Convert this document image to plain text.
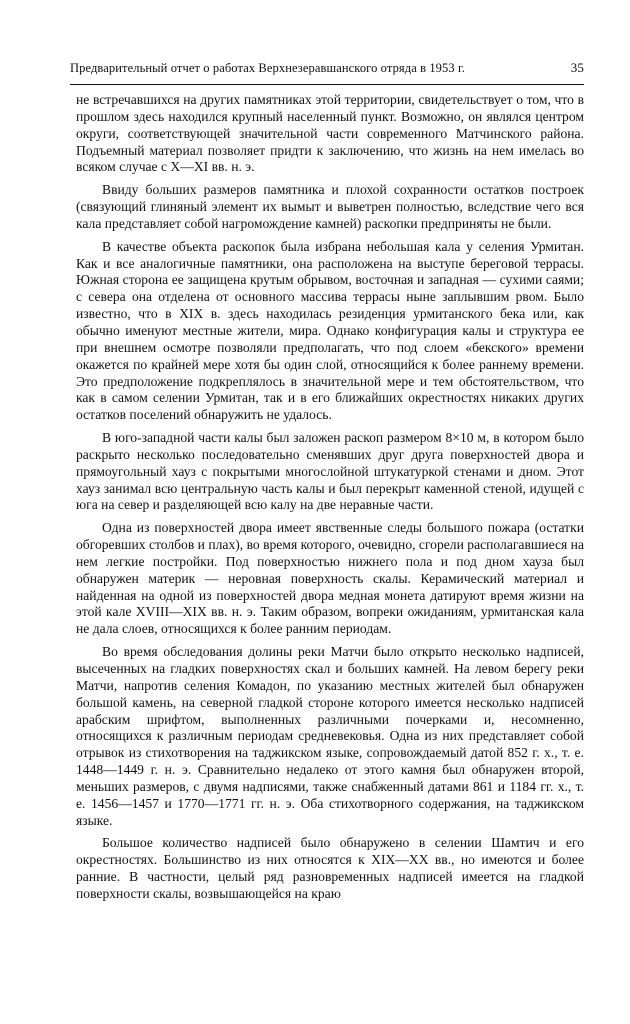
Предварительный отчет о работах Верхнезеравшанского отряда в 1953 г.	35

не встречавшихся на других памятниках этой территории, свидетельствует о том, что в прошлом здесь находился крупный населенный пункт. Возможно, он являлся центром округи, соответствующей значительной части современного Матчинского района. Подъемный материал позволяет придти к заключению, что жизнь на нем имелась во всяком случае с X—XI вв. н. э.

Ввиду больших размеров памятника и плохой сохранности остатков построек (связующий глиняный элемент их вымыт и выветрен полностью, вследствие чего вся кала представляет собой нагромождение камней) раскопки предприняты не были.

В качестве объекта раскопок была избрана небольшая кала у селения Урмитан. Как и все аналогичные памятники, она расположена на выступе береговой террасы. Южная сторона ее защищена крутым обрывом, восточная и западная — сухими саями; с севера она отделена от основного массива террасы ныне заплывшим рвом. Было известно, что в XIX в. здесь находилась резиденция урмитанского бека или, как обычно именуют местные жители, мира. Однако конфигурация калы и структура ее при внешнем осмотре позволяли предполагать, что под слоем «бекского» времени окажется по крайней мере хотя бы один слой, относящийся к более раннему времени. Это предположение подкреплялось в значительной мере и тем обстоятельством, что как в самом селении Урмитан, так и в его ближайших окрестностях никаких других остатков поселений обнаружить не удалось.

В юго-западной части калы был заложен раскоп размером 8×10 м, в котором было раскрыто несколько последовательно сменявших друг друга поверхностей двора и прямоугольный хауз с покрытыми многослойной штукатуркой стенами и дном. Этот хауз занимал всю центральную часть калы и был перекрыт каменной стеной, идущей с юга на север и разделяющей всю калу на две неравные части.

Одна из поверхностей двора имеет явственные следы большого пожара (остатки обгоревших столбов и плах), во время которого, очевидно, сгорели располагавшиеся на нем легкие постройки. Под поверхностью нижнего пола и под дном хауза был обнаружен материк — неровная поверхность скалы. Керамический материал и найденная на одной из поверхностей двора медная монета датируют время жизни на этой кале XVIII—XIX вв. н. э. Таким образом, вопреки ожиданиям, урмитанская кала не дала слоев, относящихся к более ранним периодам.

Во время обследования долины реки Матчи было открыто несколько надписей, высеченных на гладких поверхностях скал и больших камней. На левом берегу реки Матчи, напротив селения Комадон, по указанию местных жителей был обнаружен большой камень, на северной гладкой стороне которого имеется несколько надписей арабским шрифтом, выполненных различными почерками и, несомненно, относящихся к различным периодам средневековья. Одна из них представляет собой отрывок из стихотворения на таджикском языке, сопровождаемый датой 852 г. х., т. е. 1448—1449 г. н. э. Сравнительно недалеко от этого камня был обнаружен второй, меньших размеров, с двумя надписями, также снабженный датами 861 и 1184 гг. х., т. е. 1456—1457 и 1770—1771 гг. н. э. Оба стихотворного содержания, на таджикском языке.

Большое количество надписей было обнаружено в селении Шамтич и его окрестностях. Большинство из них относятся к XIX—XX вв., но имеются и более ранние. В частности, целый ряд разновременных надписей имеется на гладкой поверхности скалы, возвышающейся на краю
